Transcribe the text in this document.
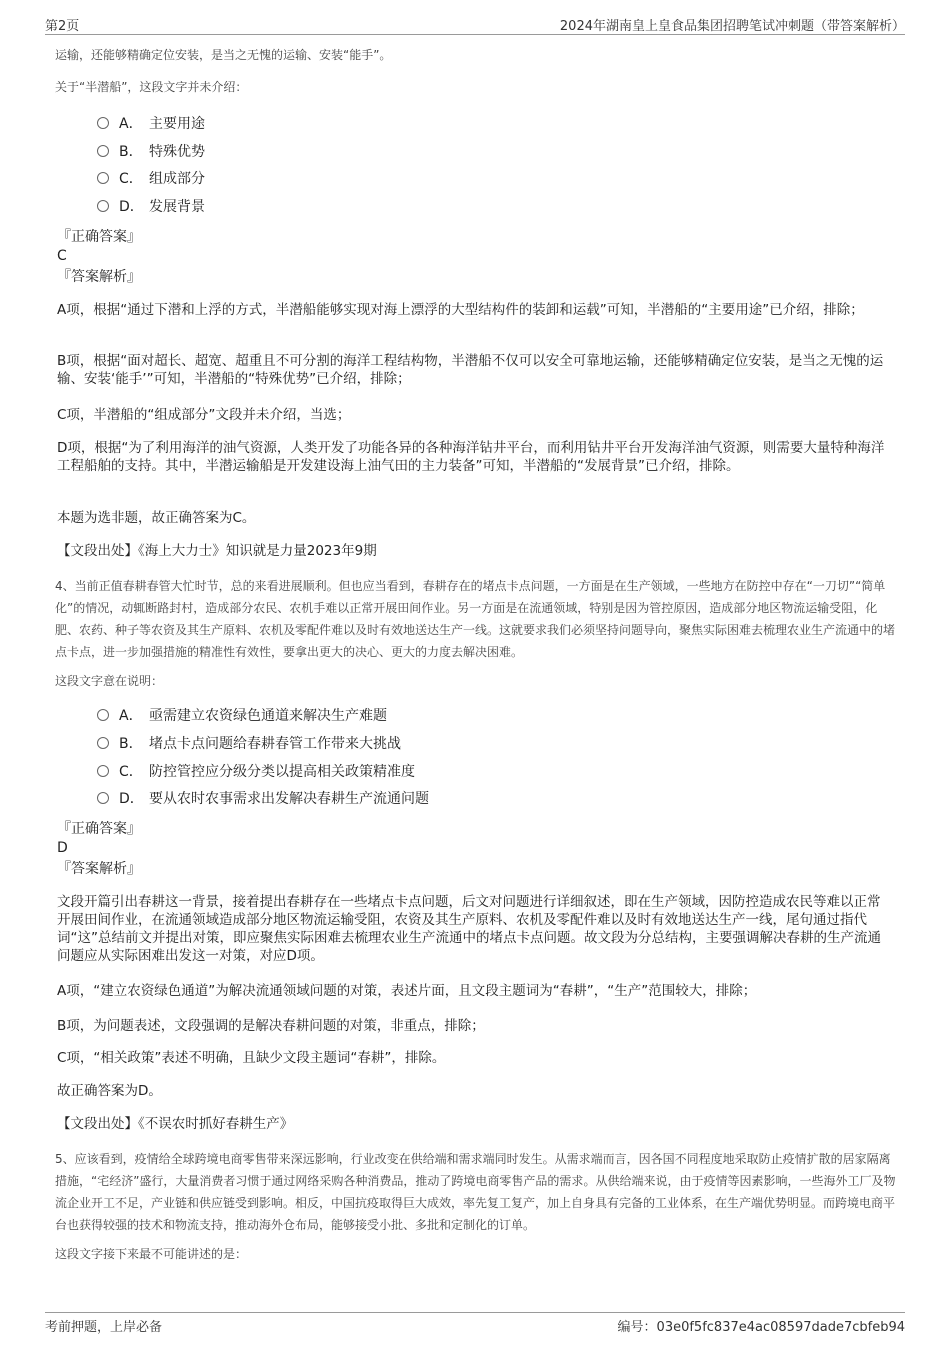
第2页	2024年湖南皇上皇食品集团招聘笔试冲刺题（带答案解析）

运输，还能够精确定位安装，是当之无愧的运输、安装“能手”。

关于“半潜船”，这段文字并未介绍：

A． 主要用途
B． 特殊优势
C． 组成部分
D． 发展背景
『正确答案』
C
『答案解析』

A项，根据“通过下潜和上浮的方式，半潜船能够实现对海上漂浮的大型结构件的装卸和运载”可知，半潜船的“主要用途”已介绍，排除；

B项，根据“面对超长、超宽、超重且不可分割的海洋工程结构物，半潜船不仅可以安全可靠地运输，还能够精确定位安装，是当之无愧的运输、安装‘能手’”可知，半潜船的“特殊优势”已介绍，排除；

C项，半潜船的“组成部分”文段并未介绍，当选；

D项，根据“为了利用海洋的油气资源，人类开发了功能各异的各种海洋钻井平台，而利用钻井平台开发海洋油气资源，则需要大量特种海洋工程船舶的支持。其中，半潜运输船是开发建设海上油气田的主力装备”可知，半潜船的“发展背景”已介绍，排除。

本题为选非题，故正确答案为C。

【文段出处】《海上大力士》知识就是力量2023年9期

4、当前正值春耕春管大忙时节，总的来看进展顺利。但也应当看到，春耕存在的堵点卡点问题，一方面是在生产领域，一些地方在防控中存在“一刀切”“简单化”的情况，动辄断路封村，造成部分农民、农机手难以正常开展田间作业。另一方面是在流通领域，特别是因为管控原因，造成部分地区物流运输受阻，化肥、农药、种子等农资及其生产原料、农机及零配件难以及时有效地送达生产一线。这就要求我们必须坚持问题导向，聚焦实际困难去梳理农业生产流通中的堵点卡点，进一步加强措施的精准性有效性，要拿出更大的决心、更大的力度去解决困难。

这段文字意在说明：

A． 亟需建立农资绿色通道来解决生产难题
B． 堵点卡点问题给春耕春管工作带来大挑战
C． 防控管控应分级分类以提高相关政策精准度
D． 要从农时农事需求出发解决春耕生产流通问题
『正确答案』
D
『答案解析』

文段开篇引出春耕这一背景，接着提出春耕存在一些堵点卡点问题，后文对问题进行详细叙述，即在生产领域，因防控造成农民等难以正常开展田间作业，在流通领域造成部分地区物流运输受阻，农资及其生产原料、农机及零配件难以及时有效地送达生产一线，尾句通过指代词“这”总结前文并提出对策，即应聚焦实际困难去梳理农业生产流通中的堵点卡点问题。故文段为分总结构，主要强调解决春耕的生产流通问题应从实际困难出发这一对策，对应D项。

A项，“建立农资绿色通道”为解决流通领域问题的对策，表述片面，且文段主题词为“春耕”，“生产”范围较大，排除；

B项，为问题表述，文段强调的是解决春耕问题的对策，非重点，排除；

C项，“相关政策”表述不明确，且缺少文段主题词“春耕”，排除。

故正确答案为D。

【文段出处】《不误农时抓好春耕生产》

5、应该看到，疫情给全球跨境电商零售带来深远影响，行业改变在供给端和需求端同时发生。从需求端而言，因各国不同程度地采取防止疫情扩散的居家隔离措施，“宅经济”盛行，大量消费者习惯于通过网络采购各种消费品，推动了跨境电商零售产品的需求。从供给端来说，由于疫情等因素影响，一些海外工厂及物流企业开工不足，产业链和供应链受到影响。相反，中国抗疫取得巨大成效，率先复工复产，加上自身具有完备的工业体系，在生产端优势明显。而跨境电商平台也获得较强的技术和物流支持，推动海外仓布局，能够接受小批、多批和定制化的订单。

这段文字接下来最不可能讲述的是：

考前押题，上岸必备	编号：03e0f5fc837e4ac08597dade7cbfeb94
